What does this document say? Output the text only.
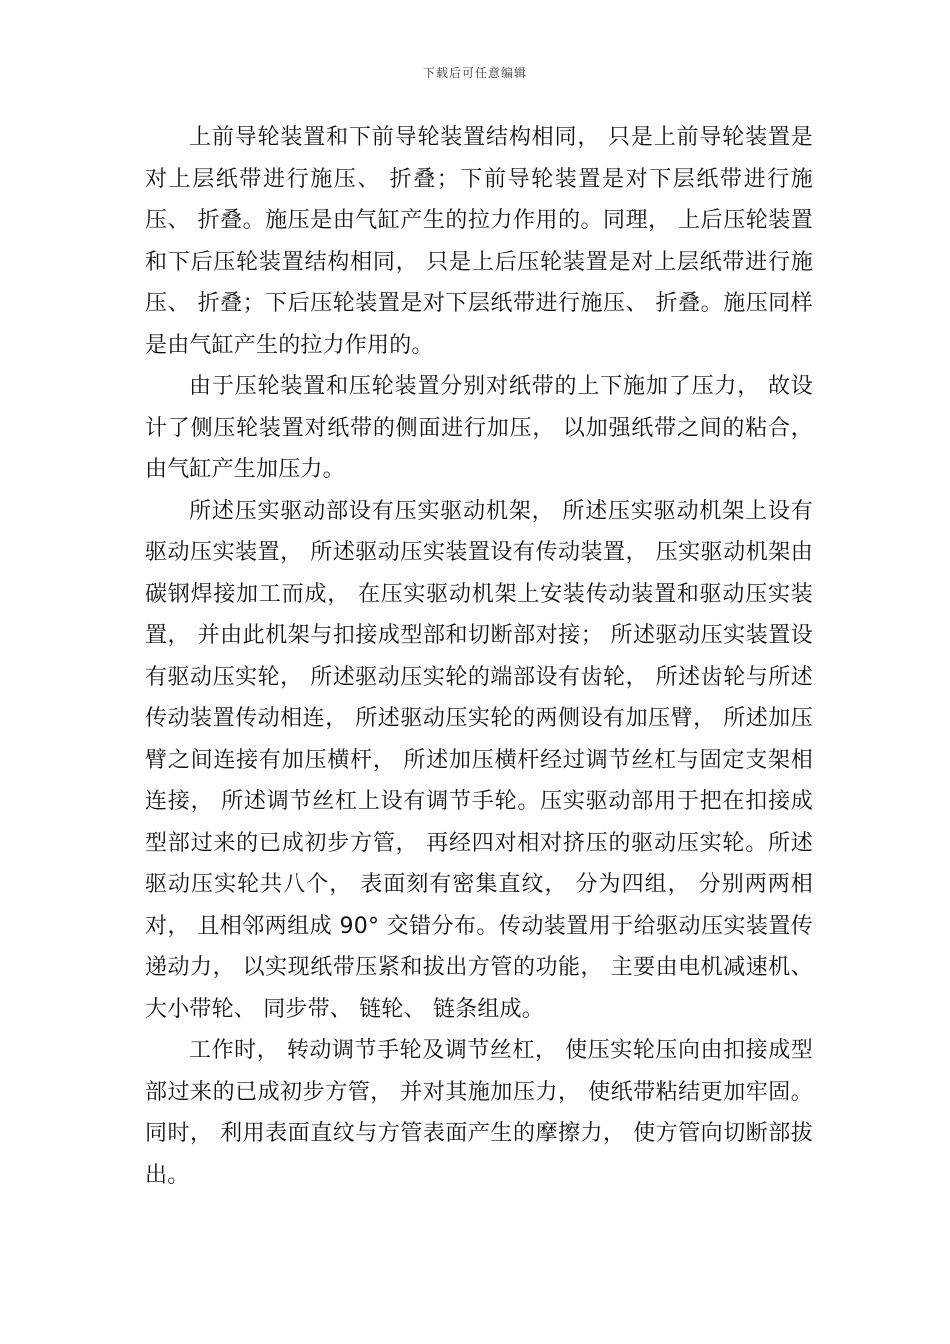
下载后可任意编辑

上前导轮装置和下前导轮装置结构相同， 只是上前导轮装置是对上层纸带进行施压、 折叠；下前导轮装置是对下层纸带进行施压、 折叠。施压是由气缸产生的拉力作用的。同理， 上后压轮装置和下后压轮装置结构相同， 只是上后压轮装置是对上层纸带进行施压、 折叠；下后压轮装置是对下层纸带进行施压、 折叠。施压同样是由气缸产生的拉力作用的。

由于压轮装置和压轮装置分别对纸带的上下施加了压力， 故设计了侧压轮装置对纸带的侧面进行加压， 以加强纸带之间的粘合，由气缸产生加压力。

所述压实驱动部设有压实驱动机架， 所述压实驱动机架上设有驱动压实装置， 所述驱动压实装置设有传动装置， 压实驱动机架由碳钢焊接加工而成， 在压实驱动机架上安装传动装置和驱动压实装置， 并由此机架与扣接成型部和切断部对接； 所述驱动压实装置设有驱动压实轮， 所述驱动压实轮的端部设有齿轮， 所述齿轮与所述传动装置传动相连， 所述驱动压实轮的两侧设有加压臂， 所述加压臂之间连接有加压横杆， 所述加压横杆经过调节丝杠与固定支架相连接， 所述调节丝杠上设有调节手轮。压实驱动部用于把在扣接成型部过来的已成初步方管， 再经四对相对挤压的驱动压实轮。所述驱动压实轮共八个， 表面刻有密集直纹， 分为四组， 分别两两相对， 且相邻两组成 90° 交错分布。传动装置用于给驱动压实装置传递动力， 以实现纸带压紧和拔出方管的功能， 主要由电机减速机、 大小带轮、 同步带、 链轮、 链条组成。

工作时， 转动调节手轮及调节丝杠， 使压实轮压向由扣接成型部过来的已成初步方管， 并对其施加压力， 使纸带粘结更加牢固。同时， 利用表面直纹与方管表面产生的摩擦力， 使方管向切断部拔出。
